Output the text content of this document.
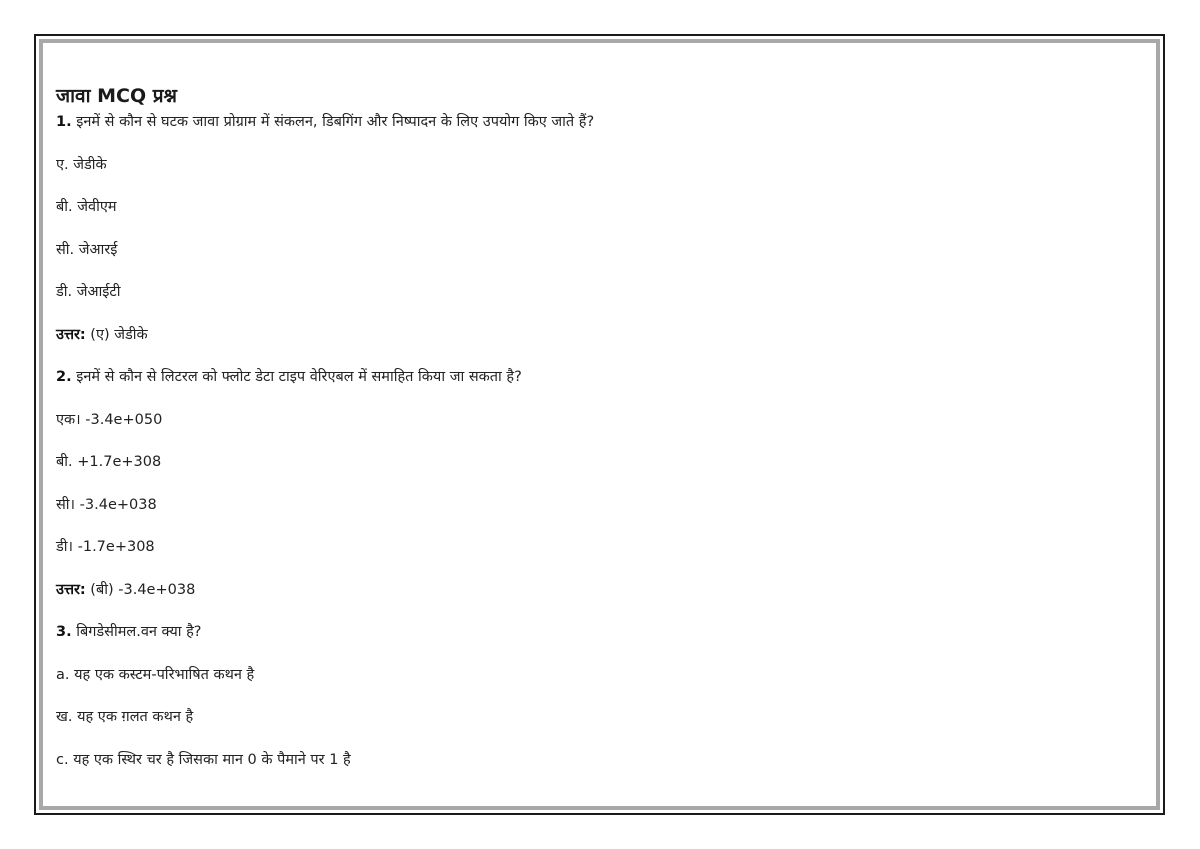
जावा MCQ प्रश्न
1. इनमें से कौन से घटक जावा प्रोग्राम में संकलन, डिबगिंग और निष्पादन के लिए उपयोग किए जाते हैं?
ए. जेडीके
बी. जेवीएम
सी. जेआरई
डी. जेआईटी
उत्तर: (ए) जेडीके
2. इनमें से कौन से लिटरल को फ्लोट डेटा टाइप वेरिएबल में समाहित किया जा सकता है?
एक। -3.4e+050
बी. +1.7e+308
सी। -3.4e+038
डी। -1.7e+308
उत्तर: (बी) -3.4e+038
3. बिगडेसीमल.वन क्या है?
a. यह एक कस्टम-परिभाषित कथन है
ख. यह एक ग़लत कथन है
c. यह एक स्थिर चर है जिसका मान 0 के पैमाने पर 1 है
